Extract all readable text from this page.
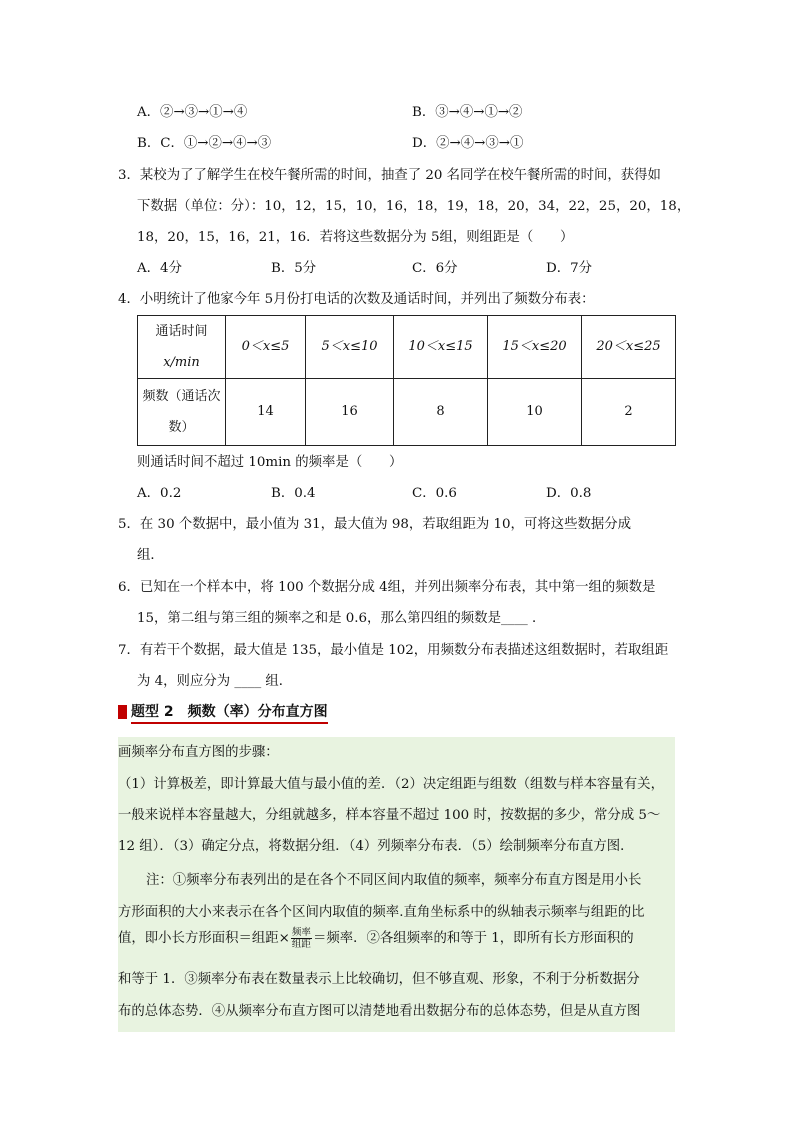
A．②→③→①→④	B．③→④→①→②
B．C．①→②→④→③	D．②→④→③→①
3．某校为了了解学生在校午餐所需的时间，抽查了 20 名同学在校午餐所需的时间，获得如
下数据（单位：分）：10，12，15，10，16，18，19，18，20，34，22，25，20，18，
18，20，15，16，21，16．若将这些数据分为 5组，则组距是（　　）
A．4分	B．5分	C．6分	D．7分
4．小明统计了他家今年 5月份打电话的次数及通话时间，并列出了频数分布表：
通话时间
x/min	0＜x≤5	5＜x≤10	10＜x≤15	15＜x≤20	20＜x≤25

频数（通话次
数）	14	16	8	10	2
则通话时间不超过 10min 的频率是（　　）
A．0.2	B．0.4	C．0.6	D．0.8
5．在 30 个数据中，最小值为 31，最大值为 98，若取组距为 10，可将这些数据分成
组．
6．已知在一个样本中，将 100 个数据分成 4组，并列出频率分布表，其中第一组的频数是
15，第二组与第三组的频率之和是 0.6，那么第四组的频数是____ ．
7．有若干个数据，最大值是 135，最小值是 102，用频数分布表描述这组数据时，若取组距
为 4，则应分为 ____ 组．
题型 2　频数（率）分布直方图
画频率分布直方图的步骤：
（1）计算极差，即计算最大值与最小值的差．（2）决定组距与组数（组数与样本容量有关，
一般来说样本容量越大，分组就越多，样本容量不超过 100 时，按数据的多少，常分成 5～
12 组）．（3）确定分点，将数据分组．（4）列频率分布表．（5）绘制频率分布直方图．
注：①频率分布表列出的是在各个不同区间内取值的频率，频率分布直方图是用小长
方形面积的大小来表示在各个区间内取值的频率.直角坐标系中的纵轴表示频率与组距的比
值，即小长方形面积＝组距× $\frac{\text{频率}}{\text{组距}}$ ＝频率．②各组频率的和等于 1，即所有长方形面积的
和等于 1．③频率分布表在数量表示上比较确切，但不够直观、形象，不利于分析数据分
布的总体态势．④从频率分布直方图可以清楚地看出数据分布的总体态势，但是从直方图
